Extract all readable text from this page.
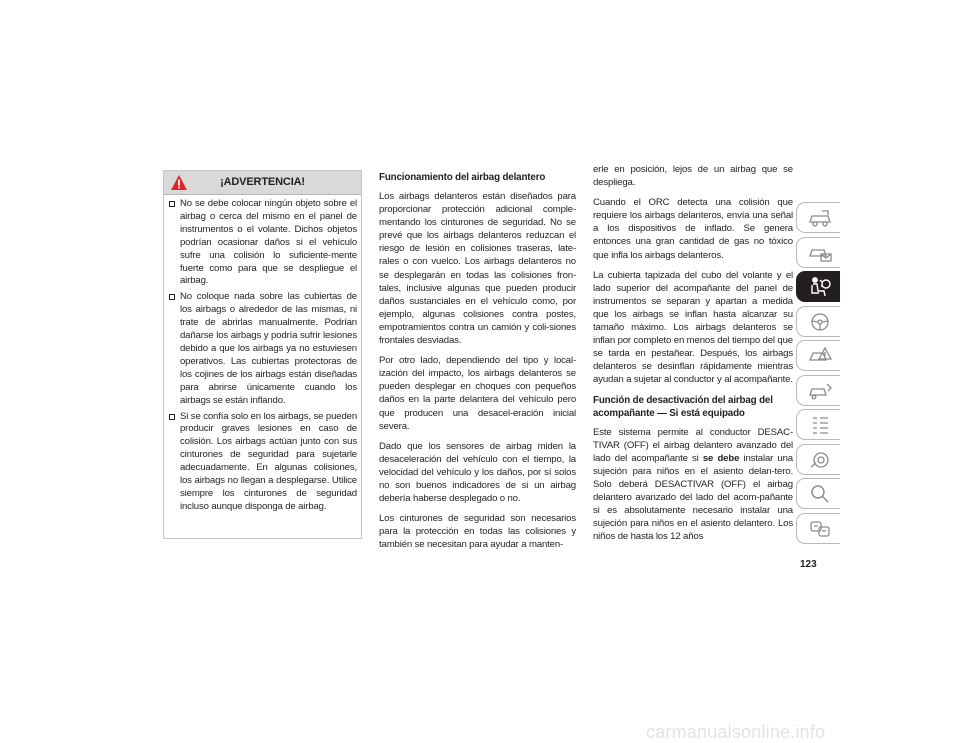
¡ADVERTENCIA!
No se debe colocar ningún objeto sobre el airbag o cerca del mismo en el panel de instrumentos o el volante. Dichos objetos podrían ocasionar daños si el vehículo sufre una colisión lo suficiente-mente fuerte como para que se despliegue el airbag.
No coloque nada sobre las cubiertas de los airbags o alrededor de las mismas, ni trate de abrirlas manualmente. Podrían dañarse los airbags y podría sufrir lesiones debido a que los airbags ya no estuviesen operativos. Las cubiertas protectoras de los cojines de los airbags están diseñadas para abrirse únicamente cuando los airbags se están inflando.
Si se confía solo en los airbags, se pueden producir graves lesiones en caso de colisión. Los airbags actúan junto con sus cinturones de seguridad para sujetarle adecuadamente. En algunas colisiones, los airbags no llegan a desplegarse. Utilice siempre los cinturones de seguridad incluso aunque disponga de airbag.
Funcionamiento del airbag delantero

Los airbags delanteros están diseñados para proporcionar protección adicional comple-mentando los cinturones de seguridad. No se prevé que los airbags delanteros reduzcan el riesgo de lesión en colisiones traseras, late-rales o con vuelco. Los airbags delanteros no se desplegarán en todas las colisiones fron-tales, inclusive algunas que pueden producir daños sustanciales en el vehículo como, por ejemplo, algunas colisiones contra postes, empotramientos contra un camión y coli-siones frontales desviadas.

Por otro lado, dependiendo del tipo y local-ización del impacto, los airbags delanteros se pueden desplegar en choques con pequeños daños en la parte delantera del vehículo pero que producen una desacel-eración inicial severa.

Dado que los sensores de airbag miden la desaceleración del vehículo con el tiempo, la velocidad del vehículo y los daños, por sí solos no son buenos indicadores de si un airbag debería haberse desplegado o no.

Los cinturones de seguridad son necesarios para la protección en todas las colisiones y también se necesitan para ayudar a manten-

erle en posición, lejos de un airbag que se despliega.

Cuando el ORC detecta una colisión que requiere los airbags delanteros, envía una señal a los dispositivos de inflado. Se genera entonces una gran cantidad de gas no tóxico que infla los airbags delanteros.

La cubierta tapizada del cubo del volante y el lado superior del acompañante del panel de instrumentos se separan y apartan a medida que los airbags se inflan hasta alcanzar su tamaño máximo. Los airbags delanteros se inflan por completo en menos del tiempo del que se tarda en pestañear. Después, los airbags delanteros se desinflan rápidamente mientras ayudan a sujetar al conductor y al acompañante.

Función de desactivación del airbag del acompañante — Si está equipado

Este sistema permite al conductor DESAC-TIVAR (OFF) el airbag delantero avanzado del lado del acompañante si se debe instalar una sujeción para niños en el asiento delan-tero. Solo deberá DESACTIVAR (OFF) el airbag delantero avanzado del lado del acom-pañante si es absolutamente necesario instalar una sujeción para niños en el asiento delantero. Los niños de hasta los 12 años

123
carmanualsonline.info
